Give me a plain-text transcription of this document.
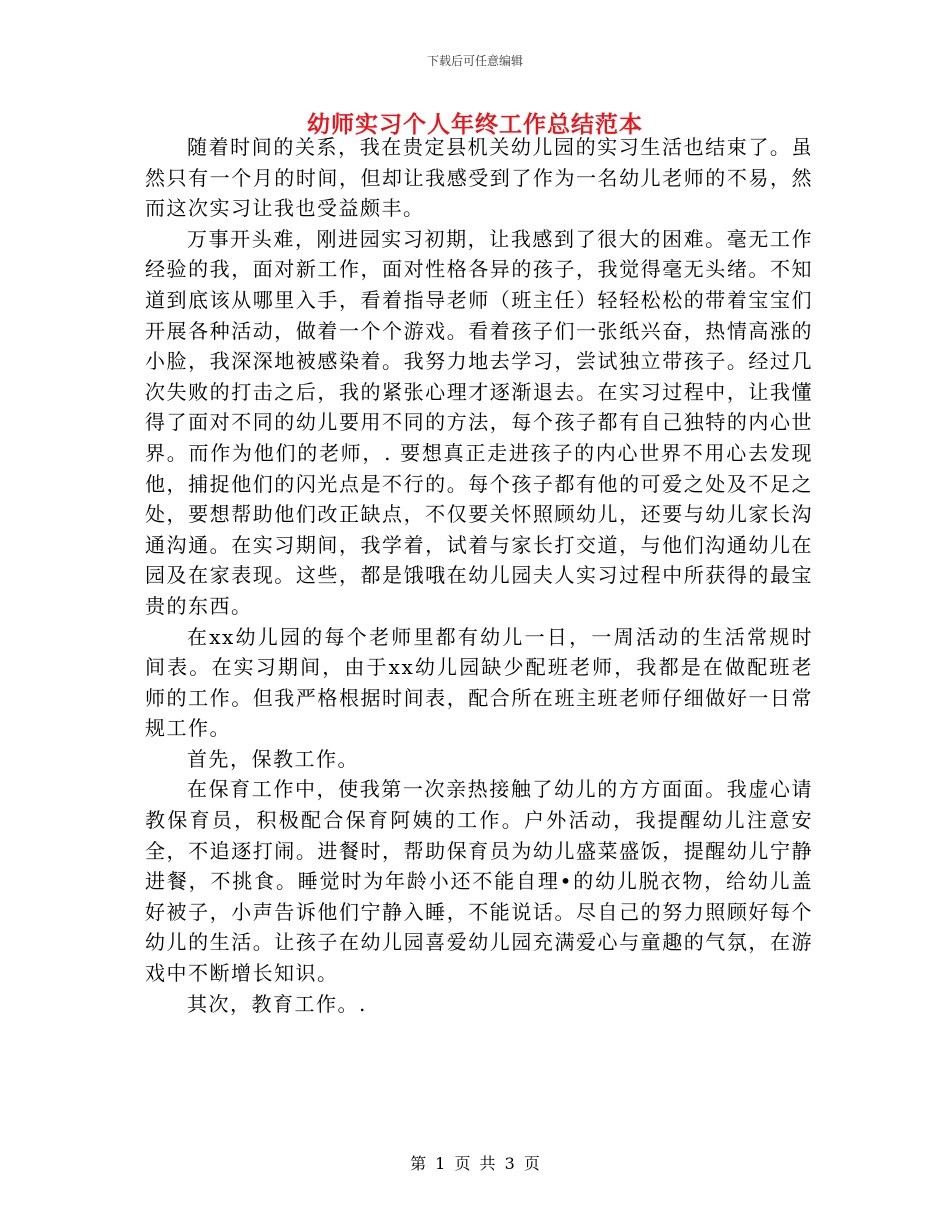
下载后可任意编辑
幼师实习个人年终工作总结范本

随着时间的关系，我在贵定县机关幼儿园的实习生活也结束了。虽然只有一个月的时间，但却让我感受到了作为一名幼儿老师的不易，然而这次实习让我也受益颇丰。

万事开头难，刚进园实习初期，让我感到了很大的困难。毫无工作经验的我，面对新工作，面对性格各异的孩子，我觉得毫无头绪。不知道到底该从哪里入手，看着指导老师（班主任）轻轻松松的带着宝宝们开展各种活动，做着一个个游戏。看着孩子们一张纸兴奋，热情高涨的小脸，我深深地被感染着。我努力地去学习，尝试独立带孩子。经过几次失败的打击之后，我的紧张心理才逐渐退去。在实习过程中，让我懂得了面对不同的幼儿要用不同的方法，每个孩子都有自己独特的内心世界。而作为他们的老师，. 要想真正走进孩子的内心世界不用心去发现他，捕捉他们的闪光点是不行的。每个孩子都有他的可爱之处及不足之处，要想帮助他们改正缺点，不仅要关怀照顾幼儿，还要与幼儿家长沟通沟通。在实习期间，我学着，试着与家长打交道，与他们沟通幼儿在园及在家表现。这些，都是饿哦在幼儿园夫人实习过程中所获得的最宝贵的东西。

在xx幼儿园的每个老师里都有幼儿一日，一周活动的生活常规时间表。在实习期间，由于xx幼儿园缺少配班老师，我都是在做配班老师的工作。但我严格根据时间表，配合所在班主班老师仔细做好一日常规工作。

首先，保教工作。

在保育工作中，使我第一次亲热接触了幼儿的方方面面。我虚心请教保育员，积极配合保育阿姨的工作。户外活动，我提醒幼儿注意安全，不追逐打闹。进餐时，帮助保育员为幼儿盛菜盛饭，提醒幼儿宁静进餐，不挑食。睡觉时为年龄小还不能自理•的幼儿脱衣物，给幼儿盖好被子，小声告诉他们宁静入睡，不能说话。尽自己的努力照顾好每个幼儿的生活。让孩子在幼儿园喜爱幼儿园充满爱心与童趣的气氛，在游戏中不断增长知识。

其次，教育工作。.

第 1 页 共 3 页
